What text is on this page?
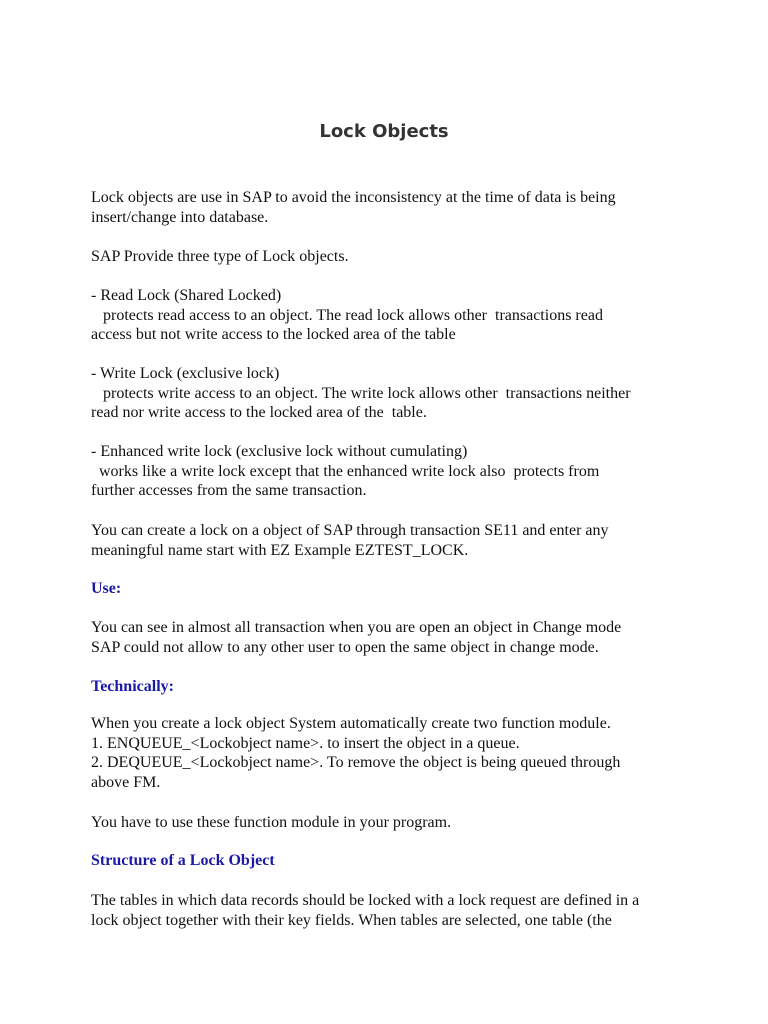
Lock Objects

Lock objects are use in SAP to avoid the inconsistency at the time of data is being
insert/change into database.

SAP Provide three type of Lock objects.

- Read Lock (Shared Locked)
protects read access to an object. The read lock allows other  transactions read
access but not write access to the locked area of the table

- Write Lock (exclusive lock)
protects write access to an object. The write lock allows other  transactions neither
read nor write access to the locked area of the  table.

- Enhanced write lock (exclusive lock without cumulating)
works like a write lock except that the enhanced write lock also  protects from
further accesses from the same transaction.

You can create a lock on a object of SAP through transaction SE11 and enter any
meaningful name start with EZ Example EZTEST_LOCK.

Use:

You can see in almost all transaction when you are open an object in Change mode
SAP could not allow to any other user to open the same object in change mode.

Technically:

When you create a lock object System automatically create two function module.
1. ENQUEUE_<Lockobject name>. to insert the object in a queue.
2. DEQUEUE_<Lockobject name>. To remove the object is being queued through
above FM.

You have to use these function module in your program.

Structure of a Lock Object

The tables in which data records should be locked with a lock request are defined in a
lock object together with their key fields. When tables are selected, one table (the
